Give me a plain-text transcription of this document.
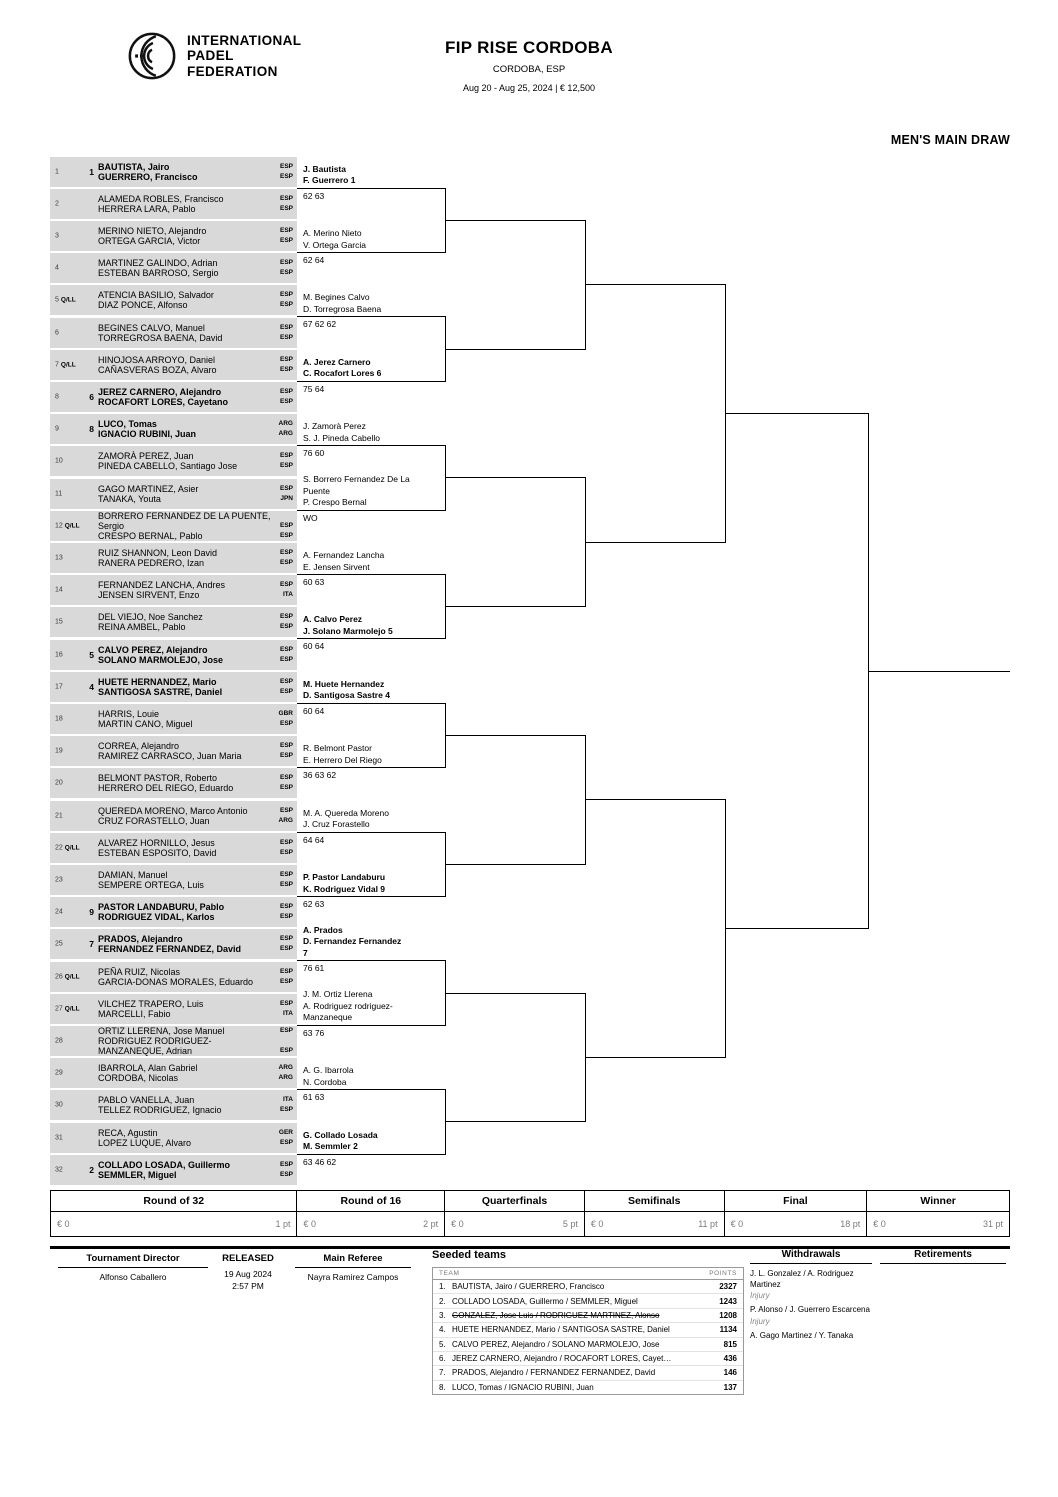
INTERNATIONAL
PADEL
FEDERATION
FIP RISE CORDOBA
CORDOBA, ESP
Aug 20 - Aug 25, 2024 | € 12,500
MEN'S MAIN DRAW
1	1 BAUTISTA, Jairo	ESP
GUERRERO, Francisco	ESP
2	ALAMEDA ROBLES, Francisco	ESP
HERRERA LARA, Pablo	ESP
3	MERINO NIETO, Alejandro	ESP
ORTEGA GARCIA, Victor	ESP
4	MARTINEZ GALINDO, Adrian	ESP
ESTEBAN BARROSO, Sergio	ESP
5 Q/LL ATENCIA BASILIO, Salvador	ESP
DIAZ PONCE, Alfonso	ESP
6	BEGINES CALVO, Manuel	ESP
TORREGROSA BAENA, David	ESP
7 Q/LL HINOJOSA ARROYO, Daniel	ESP
CAÑASVERAS BOZA, Alvaro	ESP
8	6 JEREZ CARNERO, Alejandro	ESP
ROCAFORT LORES, Cayetano	ESP
9	8 LUCO, Tomas	ARG
IGNACIO RUBINI, Juan	ARG
10	ZAMORÀ PEREZ, Juan	ESP
PINEDA CABELLO, Santiago Jose	ESP
11	GAGO MARTINEZ, Asier	ESP
TANAKA, Youta	JPN
12 Q/LL
BORRERO FERNANDEZ DE LA PUENTE, Sergio	ESP
CRESPO BERNAL, Pablo	ESP
13	RUIZ SHANNON, Leon David	ESP
RANERA PEDRERO, Izan	ESP
14	FERNANDEZ LANCHA, Andres	ESP
JENSEN SIRVENT, Enzo	ITA
15	DEL VIEJO, Noe Sanchez	ESP
REINA AMBEL, Pablo	ESP
16	5 CALVO PEREZ, Alejandro	ESP
SOLANO MARMOLEJO, Jose	ESP
17	4 HUETE HERNANDEZ, Mario	ESP
SANTIGOSA SASTRE, Daniel	ESP
18	HARRIS, Louie	GBR
MARTIN CANO, Miguel	ESP
19	CORREA, Alejandro	ESP
RAMIREZ CARRASCO, Juan Maria	ESP
20	BELMONT PASTOR, Roberto	ESP
HERRERO DEL RIEGO, Eduardo	ESP
21	QUEREDA MORENO, Marco Antonio	ESP
CRUZ FORASTELLO, Juan	ARG
22 Q/LL ALVAREZ HORNILLO, Jesus	ESP
ESTEBAN ESPOSITO, David	ESP
23	DAMIAN, Manuel	ESP
SEMPERE ORTEGA, Luis	ESP
24	9 PASTOR LANDABURU, Pablo	ESP
RODRIGUEZ VIDAL, Karlos	ESP
25	7 PRADOS, Alejandro	ESP
FERNANDEZ FERNANDEZ, David	ESP
26 Q/LL PEÑA RUIZ, Nicolas	ESP
GARCIA-DONAS MORALES, Eduardo	ESP
27 Q/LL VILCHEZ TRAPERO, Luis	ESP
MARCELLI, Fabio	ITA
28
ORTIZ LLERENA, Jose Manuel	ESP
RODRIGUEZ RODRIGUEZ-MANZANEQUE, Adrian	ESP
29	IBARROLA, Alan Gabriel	ARG
CORDOBA, Nicolas	ARG
30	PABLO VANELLA, Juan	ITA
TELLEZ RODRIGUEZ, Ignacio	ESP
31	RECA, Agustin	GER
LOPEZ LUQUE, Alvaro	ESP
32	2 COLLADO LOSADA, Guillermo	ESP
SEMMLER, Miguel	ESP
J. Bautista
F. Guerrero 1
62 63
A. Merino Nieto
V. Ortega Garcia
62 64
M. Begines Calvo
D. Torregrosa Baena
67 62 62
A. Jerez Carnero
C. Rocafort Lores 6
75 64
J. Zamorà Perez
S. J. Pineda Cabello
76 60
S. Borrero Fernandez De La
Puente
P. Crespo Bernal
WO
A. Fernandez Lancha
E. Jensen Sirvent
60 63
A. Calvo Perez
J. Solano Marmolejo 5
60 64
M. Huete Hernandez
D. Santigosa Sastre 4
60 64
R. Belmont Pastor
E. Herrero Del Riego
36 63 62
M. A. Quereda Moreno
J. Cruz Forastello
64 64
P. Pastor Landaburu
K. Rodriguez Vidal 9
62 63
A. Prados
D. Fernandez Fernandez
7
76 61
J. M. Ortiz Llerena
A. Rodriguez rodriguez-
Manzaneque
63 76
A. G. Ibarrola
N. Cordoba
61 63
G. Collado Losada
M. Semmler 2
63 46 62
Round of 32
€ 0	1 pt
Round of 16
€ 0	2 pt
Quarterfinals
€ 0	5 pt
Semifinals
€ 0	11 pt
Final
€ 0	18 pt
Winner
€ 0	31 pt
Tournament Director
Alfonso Caballero
RELEASED
19 Aug 2024
2:57 PM
Main Referee
Nayra Ramirez Campos
Seeded teams
TEAM	POINTS
1. BAUTISTA, Jairo / GUERRERO, Francisco	2327
2. COLLADO LOSADA, Guillermo / SEMMLER, Miguel	1243
3. GONZALEZ, Jose Luis / RODRIGUEZ MARTINEZ, Alonso	1208
4. HUETE HERNANDEZ, Mario / SANTIGOSA SASTRE, Daniel	1134
5. CALVO PEREZ, Alejandro / SOLANO MARMOLEJO, Jose	815
6. JEREZ CARNERO, Alejandro / ROCAFORT LORES, Cayet…	436
7. PRADOS, Alejandro / FERNANDEZ FERNANDEZ, David	146
8. LUCO, Tomas / IGNACIO RUBINI, Juan	137
Withdrawals
J. L. Gonzalez / A. Rodriguez Martinez
Injury
P. Alonso / J. Guerrero Escarcena
Injury
A. Gago Martinez / Y. Tanaka
Retirements
